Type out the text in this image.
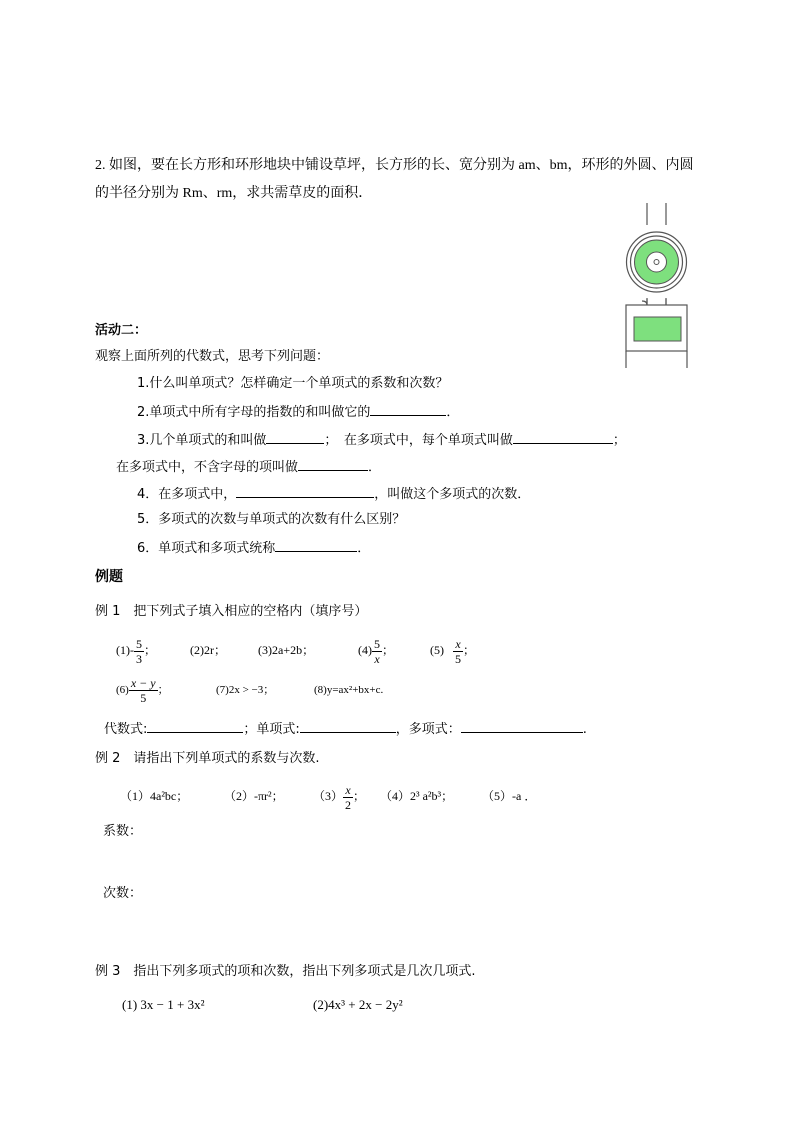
2. 如图，要在长方形和环形地块中铺设草坪，长方形的长、宽分别为 am、bm，环形的外圆、内圆
的半径分别为 Rm、rm，求共需草皮的面积．
活动二：
观察上面所列的代数式，思考下列问题：
1.什么叫单项式？怎样确定一个单项式的系数和次数？
2.单项式中所有字母的指数的和叫做它的	．
3.几个单项式的和叫做	；　在多项式中，每个单项式叫做	；
在多项式中，不含字母的项叫做	．
4．在多项式中，	，叫做这个多项式的次数．
5．多项式的次数与单项式的次数有什么区别？
6．单项式和多项式统称	．
例题
例 1　把下列式子填入相应的空格内（填序号）
$(1)- \frac{5}{3}$ ；	(2)2r；	(3)2a+2b；	$(4) \frac{5}{x}$ ；	$(5) \frac{x}{5}$ ；
$(6) \frac{x - y}{5}$ ；	(7)2x > −3；	(8)y=ax²+bx+c.
代数式:	；单项式:	，多项式：	.
例 2　请指出下列单项式的系数与次数.
（1）4a²bc；	（2）-πr²； $(3) \frac{x}{2}$ ； （4）2³ a²b³； （5）-a ．
系数：
次数：
例 3　指出下列多项式的项和次数，指出下列多项式是几次几项式.
(1) 3x − 1 + 3x²	(2)4x³ + 2x − 2y²
